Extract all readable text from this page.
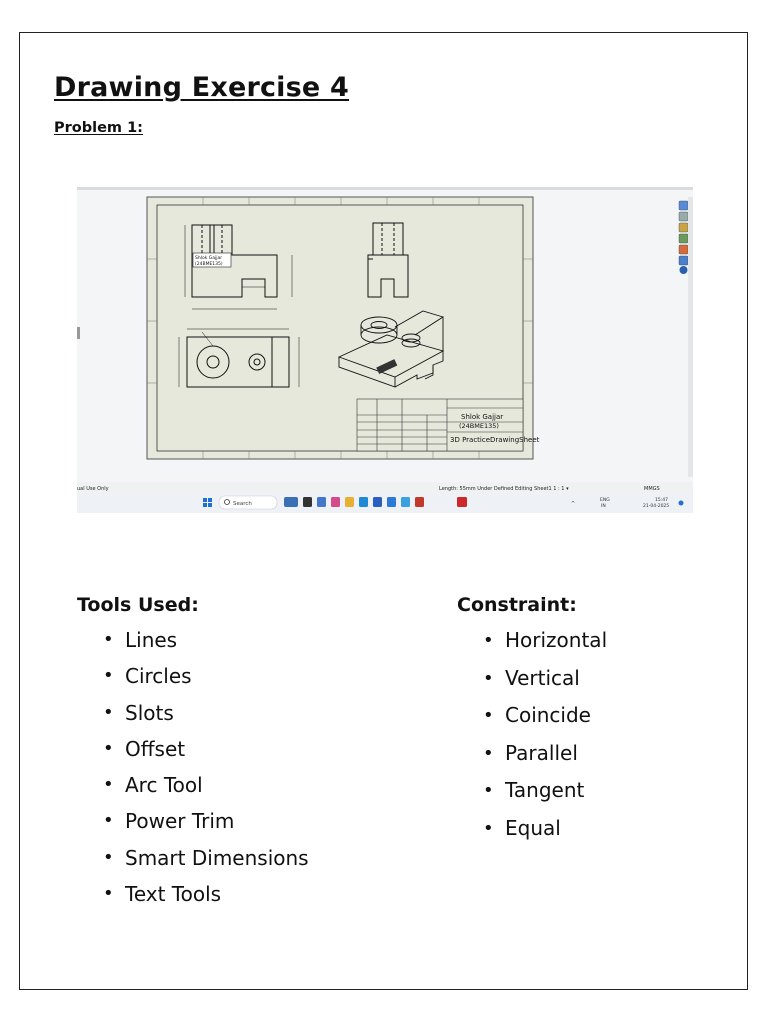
Drawing Exercise 4
Problem 1:
Shlok Gajjar
(24BME135)
Shlok Gajjar
(24BME135)
3D PracticeDrawingSheet
ual Use Only	Length: 55mm Under Defined Editing Sheet1 1 : 1 ▾	MMGS
Search	^
ENG
IN
15:47
21-04-2025
Tools Used:
• Lines
• Circles
• Slots
• Offset
• Arc Tool
• Power Trim
• Smart Dimensions
• Text Tools
Constraint:
• Horizontal
• Vertical
• Coincide
• Parallel
• Tangent
• Equal
